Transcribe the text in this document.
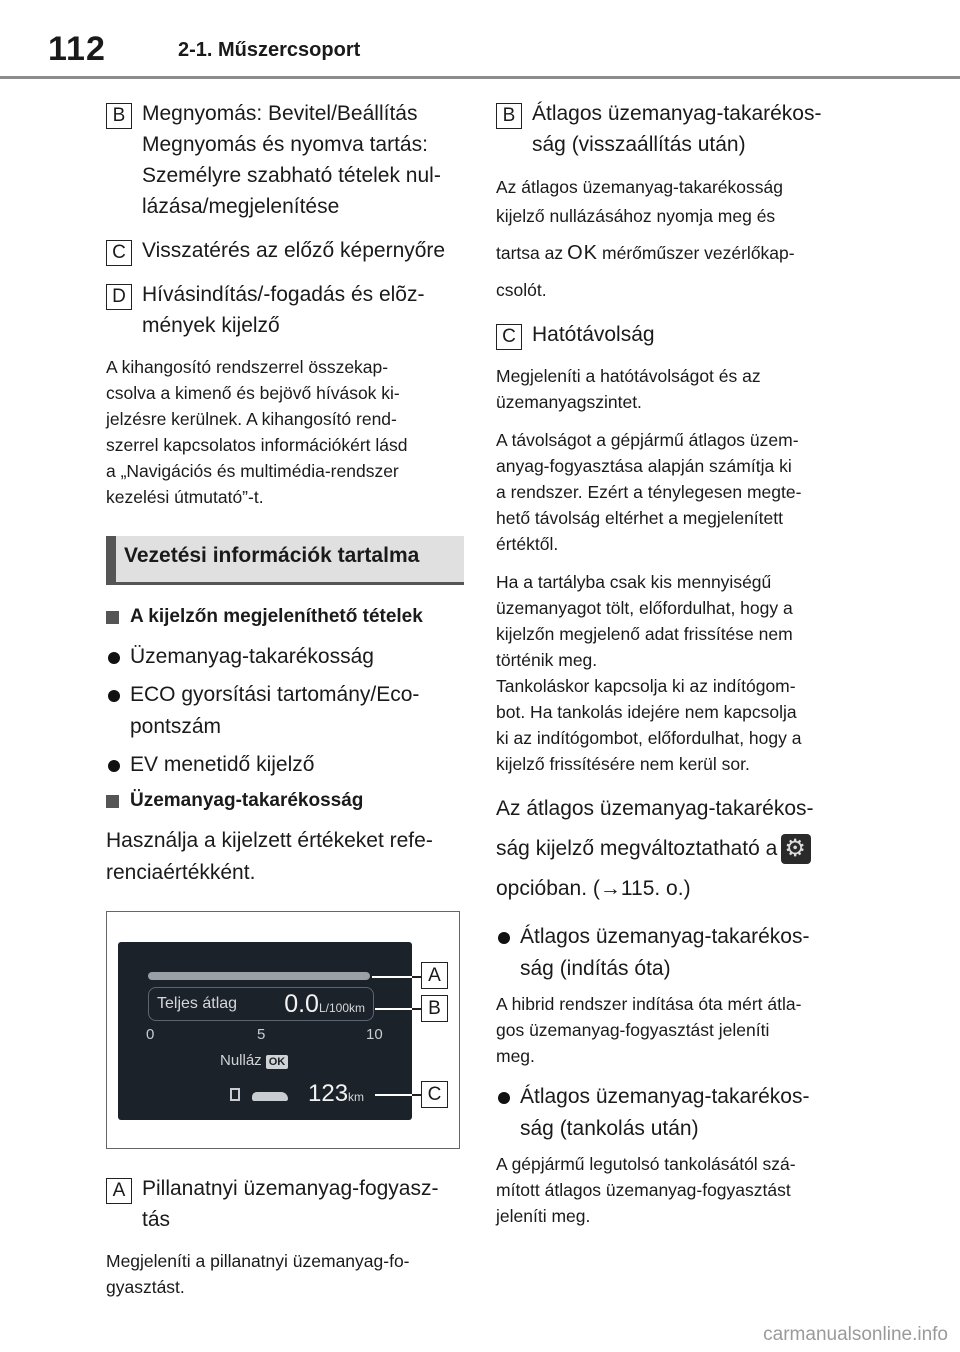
112	2-1. Műszercsoport
B Megnyomás: Bevitel/Beállítás
Megnyomás és nyomva tartás:
Személyre szabható tételek nul-
lázása/megjelenítése
C Visszatérés az előző képernyőre
D Hívásindítás/-fogadás és elõz-
mények kijelző

A kihangosító rendszerrel összekap-
csolva a kimenő és bejövő hívások ki-
jelzésre kerülnek. A kihangosító rend-
szerrel kapcsolatos információkért lásd
a „Navigációs és multimédia-rendszer
kezelési útmutató”-t.

Vezetési információk tartalma
A kijelzőn megjeleníthető tételek
Üzemanyag-takarékosság
ECO gyorsítási tartomány/Eco-
pontszám
EV menetidő kijelző
Üzemanyag-takarékosság

Használja a kijelzett értékeket refe-
renciaértékként.

Teljes átlag 0.0L/100km
0	5	10
Nulláz OK
123km
A
B
C
A Pillanatnyi üzemanyag-fogyasz-
tás

Megjeleníti a pillanatnyi üzemanyag-fo-
gyasztást.

B Átlagos üzemanyag-takarékos-
ság (visszaállítás után)

Az átlagos üzemanyag-takarékosság
kijelző nullázásához nyomja meg és
tartsa az OK mérőműszer vezérlőkap-
csolót.

C Hatótávolság

Megjeleníti a hatótávolságot és az
üzemanyagszintet.

A távolságot a gépjármű átlagos üzem-
anyag-fogyasztása alapján számítja ki
a rendszer. Ezért a ténylegesen megte-
hető távolság eltérhet a megjelenített
értéktől.

Ha a tartályba csak kis mennyiségű
üzemanyagot tölt, előfordulhat, hogy a
kijelzőn megjelenő adat frissítése nem
történik meg.
Tankoláskor kapcsolja ki az indítógom-
bot. Ha tankolás idejére nem kapcsolja
ki az indítógombot, előfordulhat, hogy a
kijelző frissítésére nem kerül sor.

Az átlagos üzemanyag-takarékos-
ság kijelző megváltoztatható a ⚙
opcióban. (→115. o.)

Átlagos üzemanyag-takarékos-
ság (indítás óta)

A hibrid rendszer indítása óta mért átla-
gos üzemanyag-fogyasztást jeleníti
meg.

Átlagos üzemanyag-takarékos-
ság (tankolás után)

A gépjármű legutolsó tankolásától szá-
mított átlagos üzemanyag-fogyasztást
jeleníti meg.

carmanualsonline.info
